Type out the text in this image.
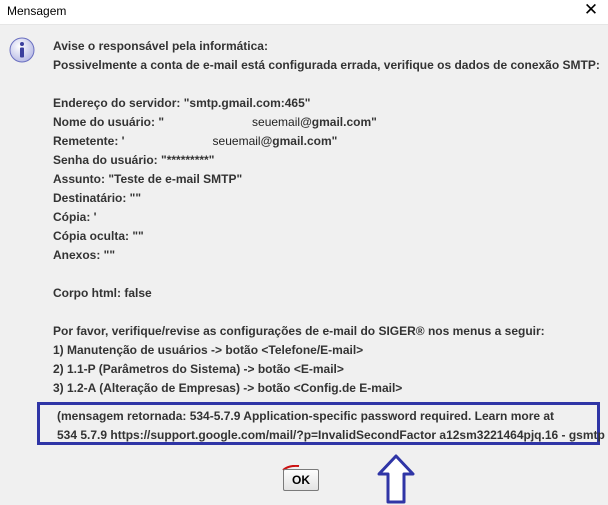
Mensagem	✕
Avise o responsável pela informática:
Possivelmente a conta de e-mail está configurada errada, verifique os dados de conexão SMTP:
Endereço do servidor: "smtp.gmail.com:465"
Nome do usuário: "	seuemail@gmail.com"
Remetente: '	seuemail@gmail.com"
Senha do usuário: "*********"
Assunto: "Teste de e-mail SMTP"
Destinatário: ""
Cópia: '
Cópia oculta: ""
Anexos: ""
Corpo html: false
Por favor, verifique/revise as configurações de e-mail do SIGER® nos menus a seguir:
1) Manutenção de usuários -> botão <Telefone/E-mail>
2) 1.1-P (Parâmetros do Sistema) -> botão <E-mail>
3) 1.2-A (Alteração de Empresas) -> botão <Config.de E-mail>
(mensagem retornada: 534-5.7.9 Application-specific password required. Learn more at
534 5.7.9 https://support.google.com/mail/?p=InvalidSecondFactor a12sm3221464pjq.16 - gsmtp
OK
